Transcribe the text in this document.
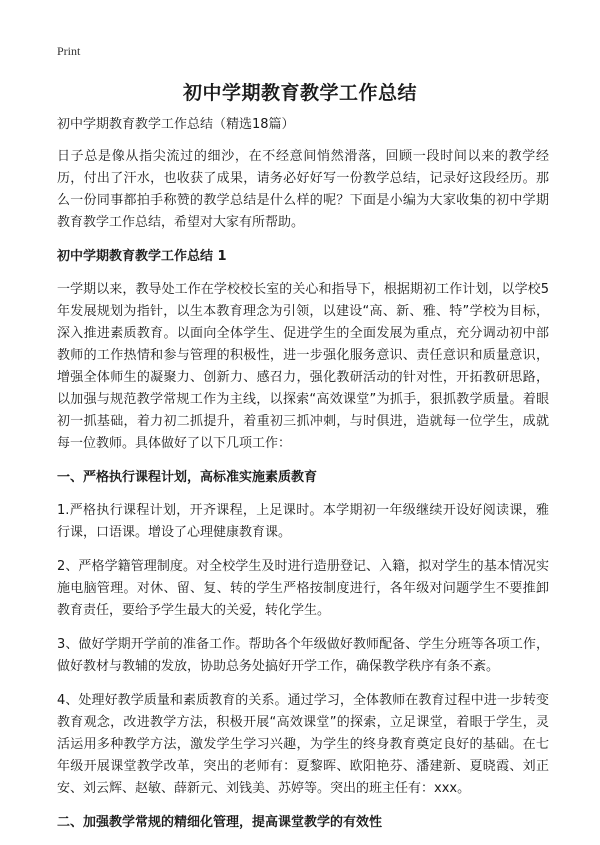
Print
初中学期教育教学工作总结

初中学期教育教学工作总结（精选18篇）

日子总是像从指尖流过的细沙，在不经意间悄然滑落，回顾一段时间以来的教学经历，付出了汗水，也收获了成果，请务必好好写一份教学总结，记录好这段经历。那么一份同事都拍手称赞的教学总结是什么样的呢？下面是小编为大家收集的初中学期教育教学工作总结，希望对大家有所帮助。

初中学期教育教学工作总结 1

一学期以来，教导处工作在学校校长室的关心和指导下，根据期初工作计划，以学校5年发展规划为指针，以生本教育理念为引领，以建设“高、新、雅、特”学校为目标，深入推进素质教育。以面向全体学生、促进学生的全面发展为重点，充分调动初中部教师的工作热情和参与管理的积极性，进一步强化服务意识、责任意识和质量意识，增强全体师生的凝聚力、创新力、感召力，强化教研活动的针对性，开拓教研思路，以加强与规范教学常规工作为主线，以探索“高效课堂”为抓手，狠抓教学质量。着眼初一抓基础，着力初二抓提升，着重初三抓冲刺，与时俱进，造就每一位学生，成就每一位教师。具体做好了以下几项工作：

一、严格执行课程计划，高标准实施素质教育

1.严格执行课程计划，开齐课程，上足课时。本学期初一年级继续开设好阅读课，雅行课，口语课。增设了心理健康教育课。

2、严格学籍管理制度。对全校学生及时进行造册登记、入籍，拟对学生的基本情况实施电脑管理。对休、留、复、转的学生严格按制度进行，各年级对问题学生不要推卸教育责任，要给予学生最大的关爱，转化学生。

3、做好学期开学前的准备工作。帮助各个年级做好教师配备、学生分班等各项工作，做好教材与教辅的发放，协助总务处搞好开学工作，确保教学秩序有条不紊。

4、处理好教学质量和素质教育的关系。通过学习，全体教师在教育过程中进一步转变教育观念，改进教学方法，积极开展“高效课堂”的探索，立足课堂，着眼于学生，灵活运用多种教学方法，激发学生学习兴趣，为学生的终身教育奠定良好的基础。在七年级开展课堂教学改革，突出的老师有：夏黎晖、欧阳艳芬、潘建新、夏晓霞、刘正安、刘云辉、赵敏、薛新元、刘钱美、苏婷等。突出的班主任有：xxx。

二、加强教学常规的精细化管理，提高课堂教学的有效性
